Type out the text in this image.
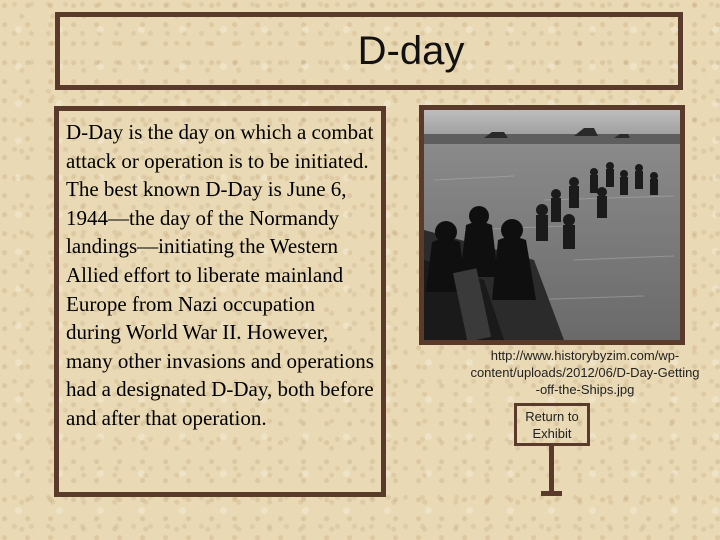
D-day

D-Day is the day on which a combat attack or operation is to be initiated. The best known D-Day is June 6, 1944—the day of the Normandy landings—initiating the Western Allied effort to liberate mainland Europe from Nazi occupation during World War II. However, many other invasions and operations had a designated D-Day, both before and after that operation.

http://www.historybyzim.com/wp-
content/uploads/2012/06/D-Day-Getting
-off-the-Ships.jpg
Return to
Exhibit
